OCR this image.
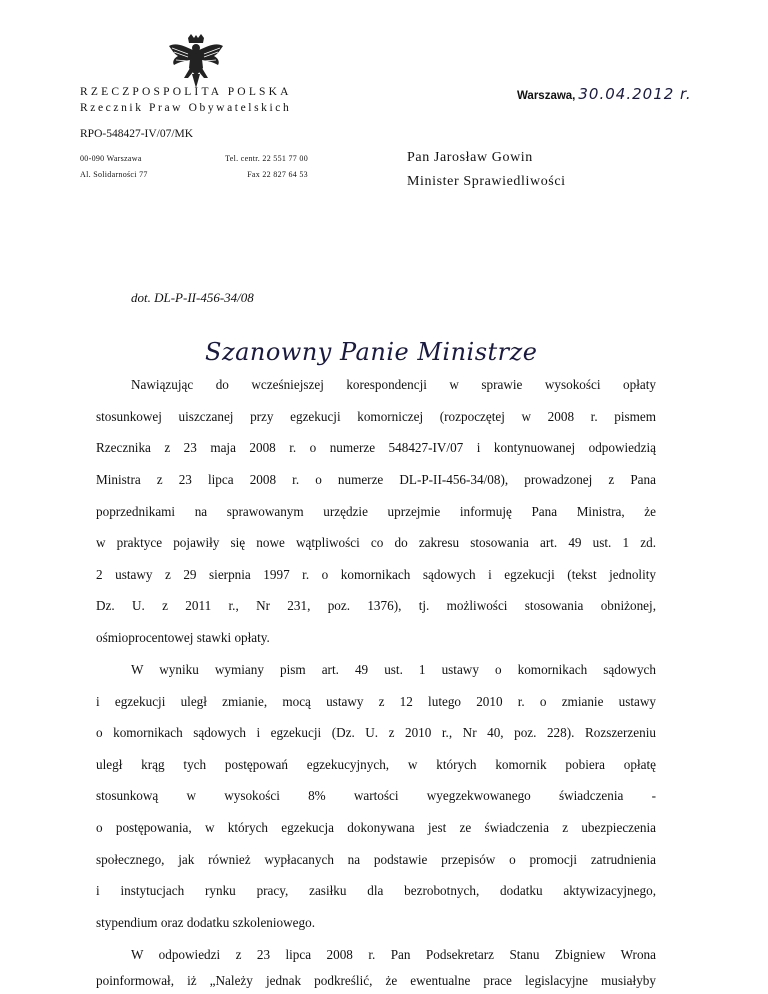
RZECZPOSPOLITA POLSKA
Rzecznik Praw Obywatelskich
RPO-548427-IV/07/MK
00-090 Warszawa
Al. Solidarności 77
Tel. centr. 22 551 77 00
Fax 22 827 64 53
Warszawa, 30.04.2012 r.
Pan Jarosław Gowin
Minister Sprawiedliwości
dot. DL-P-II-456-34/08
Szanowny Panie Ministrze
Nawiązując do wcześniejszej korespondencji w sprawie wysokości opłaty
stosunkowej uiszczanej przy egzekucji komorniczej (rozpoczętej w 2008 r. pismem
Rzecznika z 23 maja 2008 r. o numerze 548427-IV/07 i kontynuowanej odpowiedzią
Ministra z 23 lipca 2008 r. o numerze DL-P-II-456-34/08), prowadzonej z Pana
poprzednikami na sprawowanym urzędzie uprzejmie informuję Pana Ministra, że
w praktyce pojawiły się nowe wątpliwości co do zakresu stosowania art. 49 ust. 1 zd.
2 ustawy z 29 sierpnia 1997 r. o komornikach sądowych i egzekucji (tekst jednolity
Dz. U. z 2011 r., Nr 231, poz. 1376), tj. możliwości stosowania obniżonej,
ośmioprocentowej stawki opłaty.
W wyniku wymiany pism art. 49 ust. 1 ustawy o komornikach sądowych
i egzekucji uległ zmianie, mocą ustawy z 12 lutego 2010 r. o zmianie ustawy
o komornikach sądowych i egzekucji (Dz. U. z 2010 r., Nr 40, poz. 228). Rozszerzeniu
uległ krąg tych postępowań egzekucyjnych, w których komornik pobiera opłatę
stosunkową w wysokości 8% wartości wyegzekwowanego świadczenia -
o postępowania, w których egzekucja dokonywana jest ze świadczenia z ubezpieczenia
społecznego, jak również wypłacanych na podstawie przepisów o promocji zatrudnienia
i instytucjach rynku pracy, zasiłku dla bezrobotnych, dodatku aktywizacyjnego,
stypendium oraz dodatku szkoleniowego.
W odpowiedzi z 23 lipca 2008 r. Pan Podsekretarz Stanu Zbigniew Wrona
poinformował, iż „Należy jednak podkreślić, że ewentualne prace legislacyjne musiałyby
